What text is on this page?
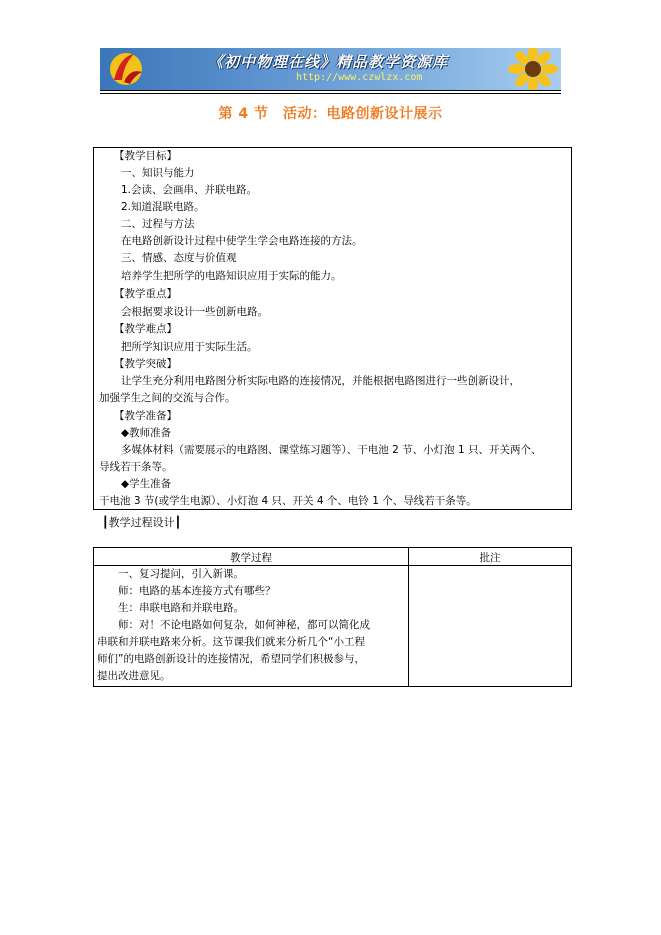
《初中物理在线》精品教学资源库
http://www.czwlzx.com
第 4 节　活动：电路创新设计展示
【教学目标】
一、知识与能力
1.会读、会画串、并联电路。
2.知道混联电路。
二、过程与方法
在电路创新设计过程中使学生学会电路连接的方法。
三、情感、态度与价值观
培养学生把所学的电路知识应用于实际的能力。
【教学重点】
会根据要求设计一些创新电路。
【教学难点】
把所学知识应用于实际生活。
【教学突破】
让学生充分利用电路图分析实际电路的连接情况，并能根据电路图进行一些创新设计，
加强学生之间的交流与合作。
【教学准备】
◆教师准备
多媒体材料（需要展示的电路图、课堂练习题等）、干电池 2 节、小灯泡 1 只、开关两个、
导线若干条等。
◆学生准备
干电池 3 节(或学生电源）、小灯泡 4 只、开关 4 个、电铃 1 个、导线若干条等。
┃教学过程设计┃
教学过程	批注
一、复习提问，引入新课。
师：电路的基本连接方式有哪些？
生：串联电路和并联电路。
师：对！不论电路如何复杂，如何神秘，都可以简化成
串联和并联电路来分析。这节课我们就来分析几个“小工程
师们”的电路创新设计的连接情况，希望同学们积极参与，
提出改进意见。
